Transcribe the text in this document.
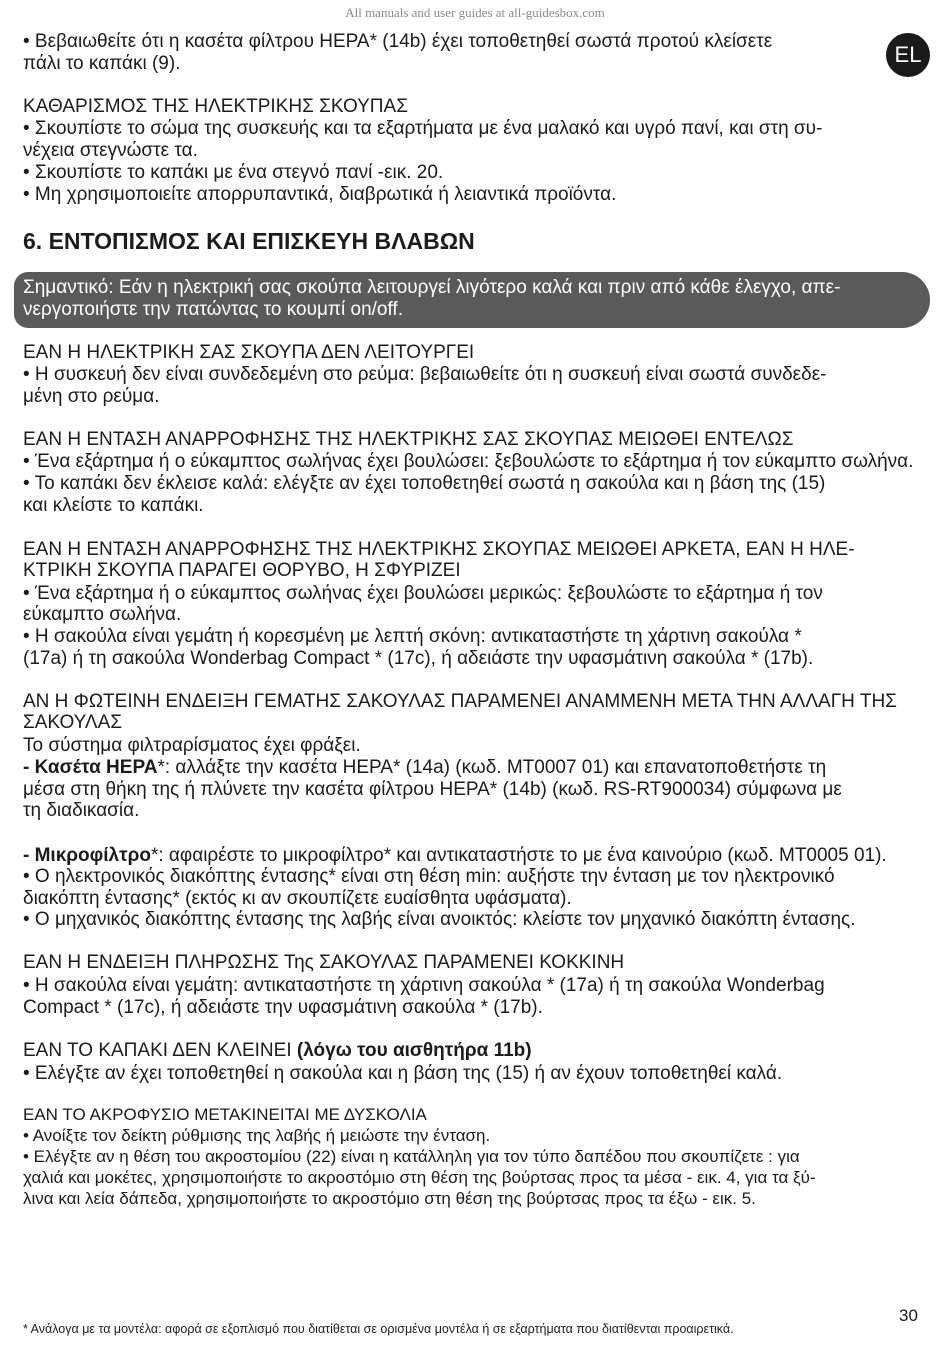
All manuals and user guides at all-guidesbox.com
EL
• Βεβαιωθείτε ότι η κασέτα φίλτρου HEPA* (14b) έχει τοποθετηθεί σωστά προτού κλείσετε
πάλι το καπάκι (9).
ΚΑΘΑΡΙΣΜΟΣ ΤΗΣ ΗΛΕΚΤΡΙΚΗΣ ΣΚΟΥΠΑΣ
• Σκουπίστε το σώμα της συσκευής και τα εξαρτήματα με ένα μαλακό και υγρό πανί, και στη συ-
νέχεια στεγνώστε τα.
• Σκουπίστε το καπάκι με ένα στεγνό πανί -εικ. 20.
• Μη χρησιμοποιείτε απορρυπαντικά, διαβρωτικά ή λειαντικά προϊόντα.
6. ΕΝΤΟΠΙΣΜΟΣ ΚΑΙ ΕΠΙΣΚΕΥΗ ΒΛΑΒΩΝ
Σημαντικό: Εάν η ηλεκτρική σας σκούπα λειτουργεί λιγότερο καλά και πριν από κάθε έλεγχο, απε-
νεργοποιήστε την πατώντας το κουμπί on/off.
ΕΑΝ Η ΗΛΕΚΤΡΙΚΗ ΣΑΣ ΣΚΟΥΠΑ ΔΕΝ ΛΕΙΤΟΥΡΓΕΙ
• Η συσκευή δεν είναι συνδεδεμένη στο ρεύμα: βεβαιωθείτε ότι η συσκευή είναι σωστά συνδεδε-
μένη στο ρεύμα.
ΕΑΝ Η ΕΝΤΑΣΗ ΑΝΑΡΡΟΦΗΣΗΣ ΤΗΣ ΗΛΕΚΤΡΙΚΗΣ ΣΑΣ ΣΚΟΥΠΑΣ ΜΕΙΩΘΕΙ ΕΝΤΕΛΩΣ
• Ένα εξάρτημα ή ο εύκαμπτος σωλήνας έχει βουλώσει: ξεβουλώστε το εξάρτημα ή τον εύκαμπτο σωλήνα.
• Το καπάκι δεν έκλεισε καλά: ελέγξτε αν έχει τοποθετηθεί σωστά η σακούλα και η βάση της (15)
και κλείστε το καπάκι.
ΕΑΝ Η ΕΝΤΑΣΗ ΑΝΑΡΡΟΦΗΣΗΣ ΤΗΣ ΗΛΕΚΤΡΙΚΗΣ ΣΚΟΥΠΑΣ ΜΕΙΩΘΕΙ ΑΡΚΕΤΑ, ΕΑΝ Η ΗΛΕ-
ΚΤΡΙΚΗ ΣΚΟΥΠΑ ΠΑΡΑΓΕΙ ΘΟΡΥΒΟ, Η ΣΦΥΡΙΖΕΙ
• Ένα εξάρτημα ή ο εύκαμπτος σωλήνας έχει βουλώσει μερικώς: ξεβουλώστε το εξάρτημα ή τον
εύκαμπτο σωλήνα.
• Η σακούλα είναι γεμάτη ή κορεσμένη με λεπτή σκόνη: αντικαταστήστε τη χάρτινη σακούλα *
(17a) ή τη σακούλα Wonderbag Compact * (17c), ή αδειάστε την υφασμάτινη σακούλα * (17b).
ΑΝ Η ΦΩΤΕΙΝΗ ΕΝΔΕΙΞΗ ΓΕΜΑΤΗΣ ΣΑΚΟΥΛΑΣ ΠΑΡΑΜΕΝΕΙ ΑΝΑΜΜΕΝΗ ΜΕΤΑ ΤΗΝ ΑΛΛΑΓΗ ΤΗΣ
ΣΑΚΟΥΛΑΣ
Το σύστημα φιλτραρίσματος έχει φράξει.
- Κασέτα HEPA*: αλλάξτε την κασέτα HEPA* (14a) (κωδ. MT0007 01) και επανατοποθετήστε τη
μέσα στη θήκη της ή πλύνετε την κασέτα φίλτρου HEPA* (14b) (κωδ. RS-RT900034) σύμφωνα με
τη διαδικασία.
- Μικροφίλτρο*: αφαιρέστε το μικροφίλτρο* και αντικαταστήστε το με ένα καινούριο (κωδ. MT0005 01).
• Ο ηλεκτρονικός διακόπτης έντασης* είναι στη θέση min: αυξήστε την ένταση με τον ηλεκτρονικό
διακόπτη έντασης* (εκτός κι αν σκουπίζετε ευαίσθητα υφάσματα).
• Ο μηχανικός διακόπτης έντασης της λαβής είναι ανοικτός: κλείστε τον μηχανικό διακόπτη έντασης.
ΕΑΝ Η ΕΝΔΕΙΞΗ ΠΛΗΡΩΣΗΣ Της ΣΑΚΟΥΛΑΣ ΠΑΡΑΜΕΝΕΙ ΚΟΚΚΙΝΗ
• Η σακούλα είναι γεμάτη: αντικαταστήστε τη χάρτινη σακούλα * (17a) ή τη σακούλα Wonderbag
Compact * (17c), ή αδειάστε την υφασμάτινη σακούλα * (17b).
ΕΑΝ ΤΟ ΚΑΠΑΚΙ ΔΕΝ ΚΛΕΙΝΕΙ (λόγω του αισθητήρα 11b)
• Ελέγξτε αν έχει τοποθετηθεί η σακούλα και η βάση της (15) ή αν έχουν τοποθετηθεί καλά.
ΕΑΝ ΤΟ ΑΚΡΟΦΥΣΙΟ ΜΕΤΑΚΙΝΕΙΤΑΙ ΜΕ ΔΥΣΚΟΛΙΑ
• Ανοίξτε τον δείκτη ρύθμισης της λαβής ή μειώστε την ένταση.
• Ελέγξτε αν η θέση του ακροστομίου (22) είναι η κατάλληλη για τον τύπο δαπέδου που σκουπίζετε : για
χαλιά και μοκέτες, χρησιμοποιήστε το ακροστόμιο στη θέση της βούρτσας προς τα μέσα - εικ. 4, για τα ξύ-
λινα και λεία δάπεδα, χρησιμοποιήστε το ακροστόμιο στη θέση της βούρτσας προς τα έξω - εικ. 5.
30
* Ανάλογα με τα μοντέλα: αφορά σε εξοπλισμό που διατίθεται σε ορισμένα μοντέλα ή σε εξαρτήματα που διατίθενται προαιρετικά.
